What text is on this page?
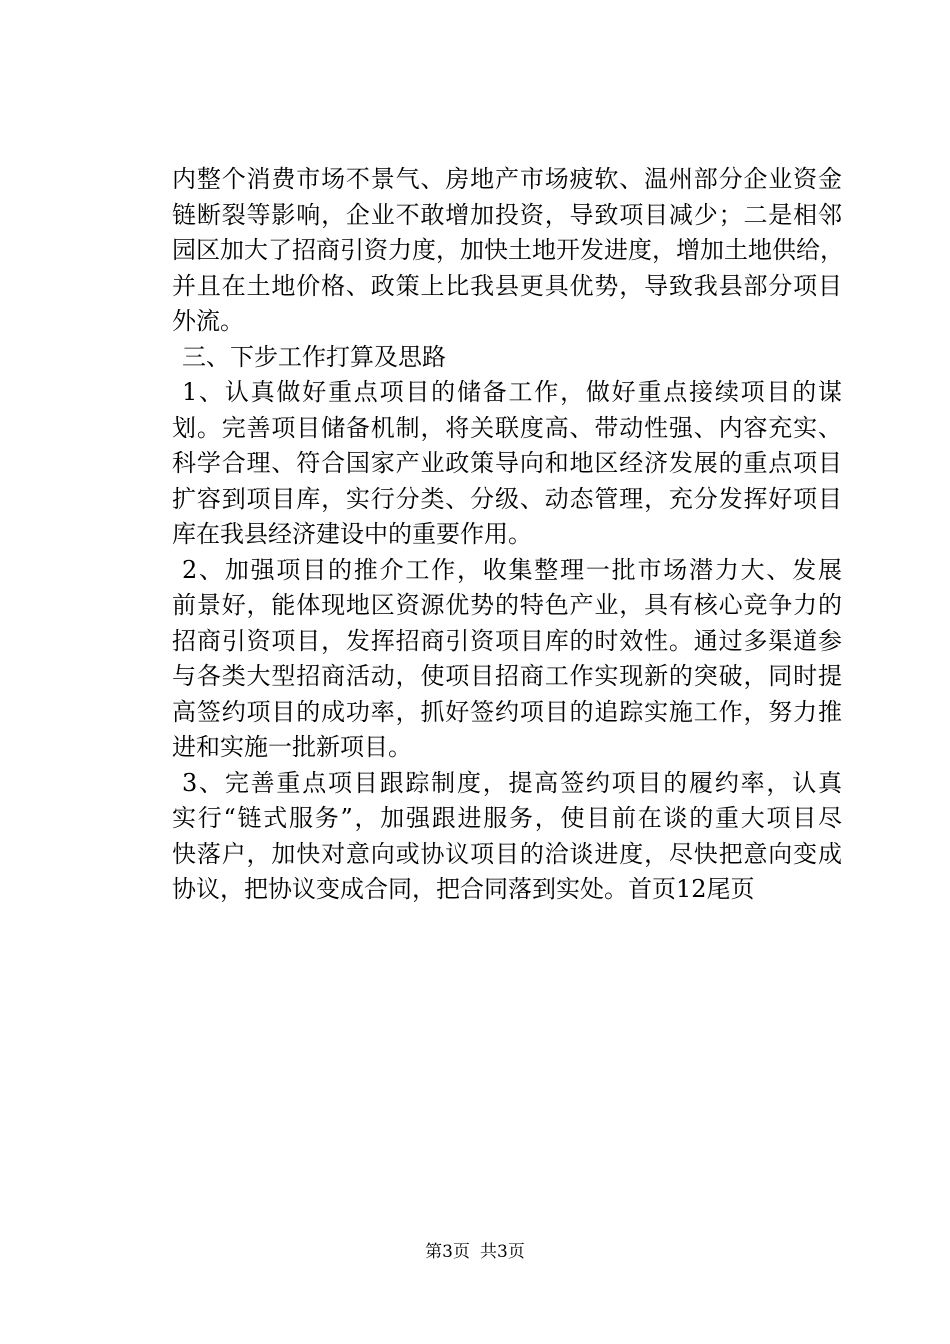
内整个消费市场不景气、房地产市场疲软、温州部分企业资金
链断裂等影响，企业不敢增加投资，导致项目减少；二是相邻
园区加大了招商引资力度，加快土地开发进度，增加土地供给，
并且在土地价格、政策上比我县更具优势，导致我县部分项目
外流。
三、下步工作打算及思路
1、认真做好重点项目的储备工作，做好重点接续项目的谋
划。完善项目储备机制，将关联度高、带动性强、内容充实、
科学合理、符合国家产业政策导向和地区经济发展的重点项目
扩容到项目库，实行分类、分级、动态管理，充分发挥好项目
库在我县经济建设中的重要作用。
2、加强项目的推介工作，收集整理一批市场潜力大、发展
前景好，能体现地区资源优势的特色产业，具有核心竞争力的
招商引资项目，发挥招商引资项目库的时效性。通过多渠道参
与各类大型招商活动，使项目招商工作实现新的突破，同时提
高签约项目的成功率，抓好签约项目的追踪实施工作，努力推
进和实施一批新项目。
3、完善重点项目跟踪制度，提高签约项目的履约率，认真
实行“链式服务”，加强跟进服务，使目前在谈的重大项目尽
快落户，加快对意向或协议项目的洽谈进度，尽快把意向变成
协议，把协议变成合同，把合同落到实处。首页12尾页
第3页 共3页
